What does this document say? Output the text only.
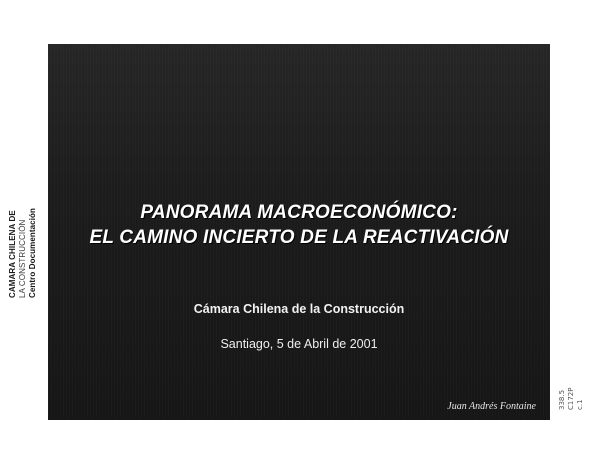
PANORAMA MACROECONÓMICO:
EL CAMINO INCIERTO DE LA REACTIVACIÓN
Cámara Chilena de la Construcción
Santiago, 5 de Abril de 2001
Juan Andrés Fontaine
CAMARA CHILENA DE LA CONSTRUCCIÓN Centro Documentación
338.5 C172P c.1
